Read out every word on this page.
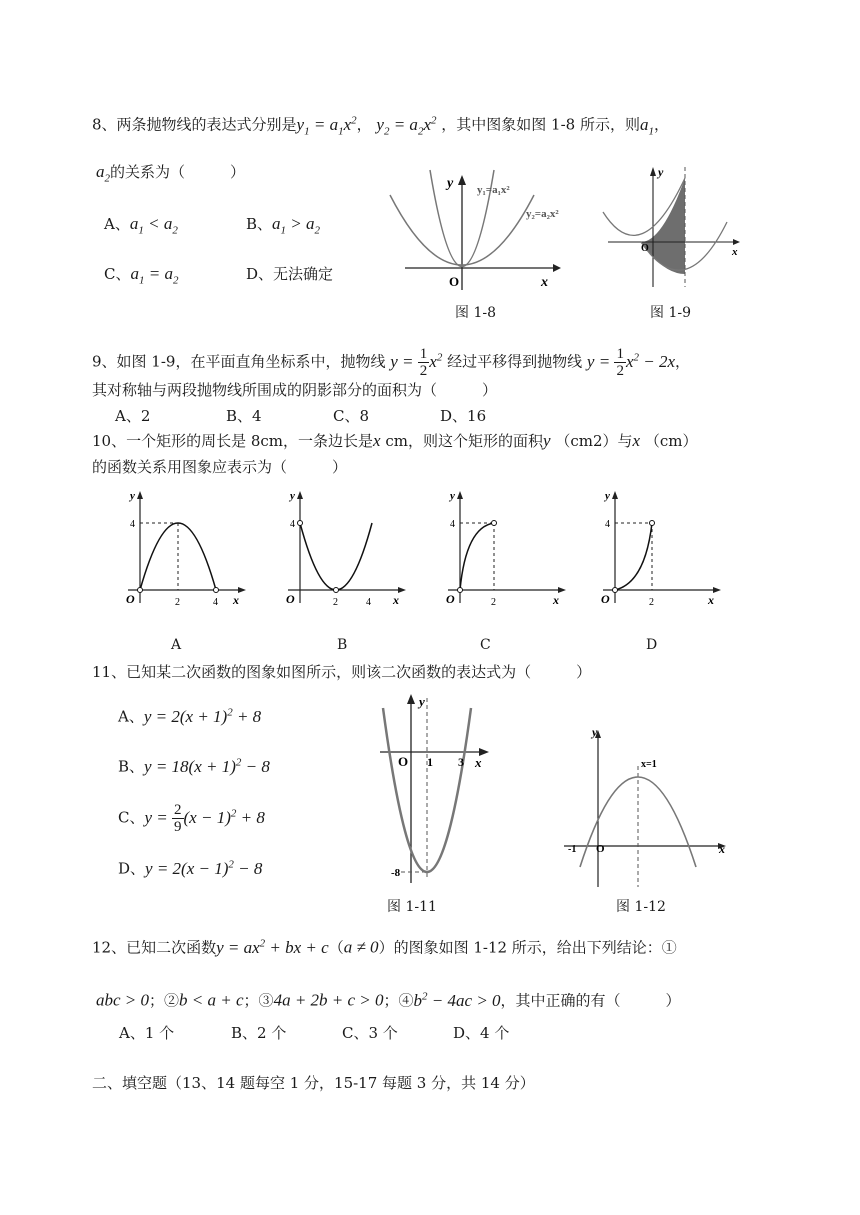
8、两条抛物线的表达式分别是$y_1 = a_1x^2$， $y_2 = a_2x^2$ ，其中图象如图 1-8 所示，则$a_1$，
$a_2$的关系为（　　　）
A、$a_1 < a_2$	B、$a_1 > a_2$
C、$a_1 = a_2$	D、无法确定
y
O	x
y₁=a₁x²
y₂=a₂x²
图 1-8
y
O	x
图 1-9
9、如图 1-9，在平面直角坐标系中，抛物线 $y = \frac{1}{2} x^2$ 经过平移得到抛物线 $y = \frac{1}{2} x^2 - 2x$，
其对称轴与两段抛物线所围成的阴影部分的面积为（　　　）
A、2	B、4	C、8	D、16
10、一个矩形的周长是 8cm，一条边长是x cm，则这个矩形的面积y （cm2）与x （cm）
的函数关系用图象应表示为（　　　）
y
4
O	2	4 x
A
y
4
O	2	4 x
B
y
4
O	2	x
C
y
4
O	2	x
D
11、已知某二次函数的图象如图所示，则该二次函数的表达式为（　　　）
A、$y = 2(x + 1)^2 + 8$
B、$y = 18(x + 1)^2 - 8$
C、$y = \frac{2}{9} (x - 1)^2 + 8$
D、$y = 2(x - 1)^2 - 8$
y
O 1 3 x
-8
图 1-11
y
-1 O	x
x=1
图 1-12
12、已知二次函数$y = ax^2$ + bx + c（a ≠ 0）的图象如图 1-12 所示，给出下列结论：①
abc > 0；②b < a + c；③4a + 2b + c > 0；$④b^2 - 4ac > 0$，其中正确的有（　　　）
A、1 个	B、2 个	C、3 个	D、4 个
二、填空题（13、14 题每空 1 分，15-17 每题 3 分，共 14 分）
